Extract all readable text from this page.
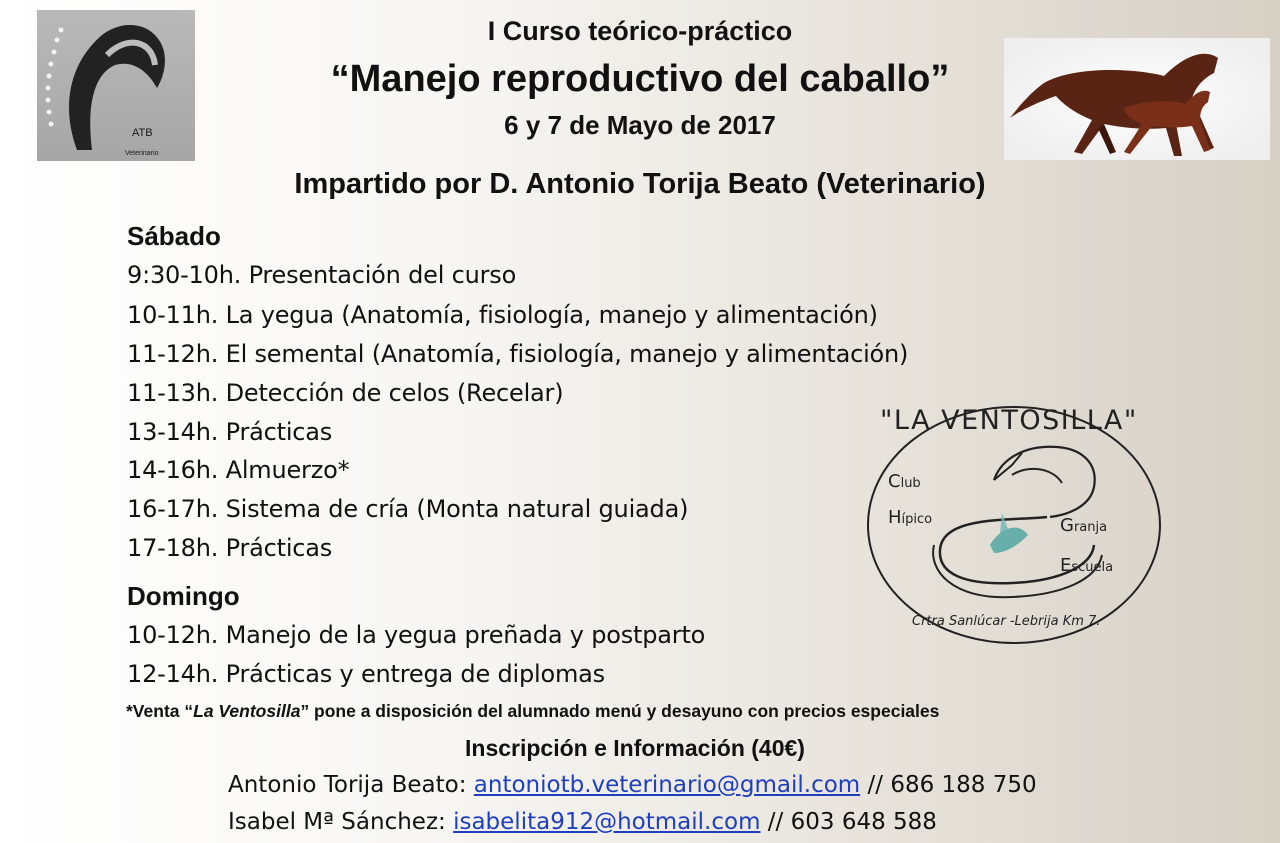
ATB
Veterinario
I Curso teórico-práctico
“Manejo reproductivo del caballo”
6 y 7 de Mayo de 2017
Impartido por D. Antonio Torija Beato (Veterinario)
Sábado
9:30-10h. Presentación del curso
10-11h. La yegua (Anatomía, fisiología, manejo y alimentación)
11-12h. El semental (Anatomía, fisiología, manejo y alimentación)
11-13h. Detección de celos (Recelar)
13-14h. Prácticas
14-16h. Almuerzo*
16-17h. Sistema de cría (Monta natural guiada)
17-18h. Prácticas
Domingo
10-12h. Manejo de la yegua preñada y postparto
12-14h. Prácticas y entrega de diplomas
*Venta “La Ventosilla” pone a disposición del alumnado menú y desayuno con precios especiales
Inscripción e Información (40€)
Antonio Torija Beato: antoniotb.veterinario@gmail.com // 686 188 750
Isabel Mª Sánchez: isabelita912@hotmail.com // 603 648 588
"LA VENTOSILLA"
Club
Hípico	Granja
Escuela
Crtra Sanlúcar -Lebrija Km 7.
